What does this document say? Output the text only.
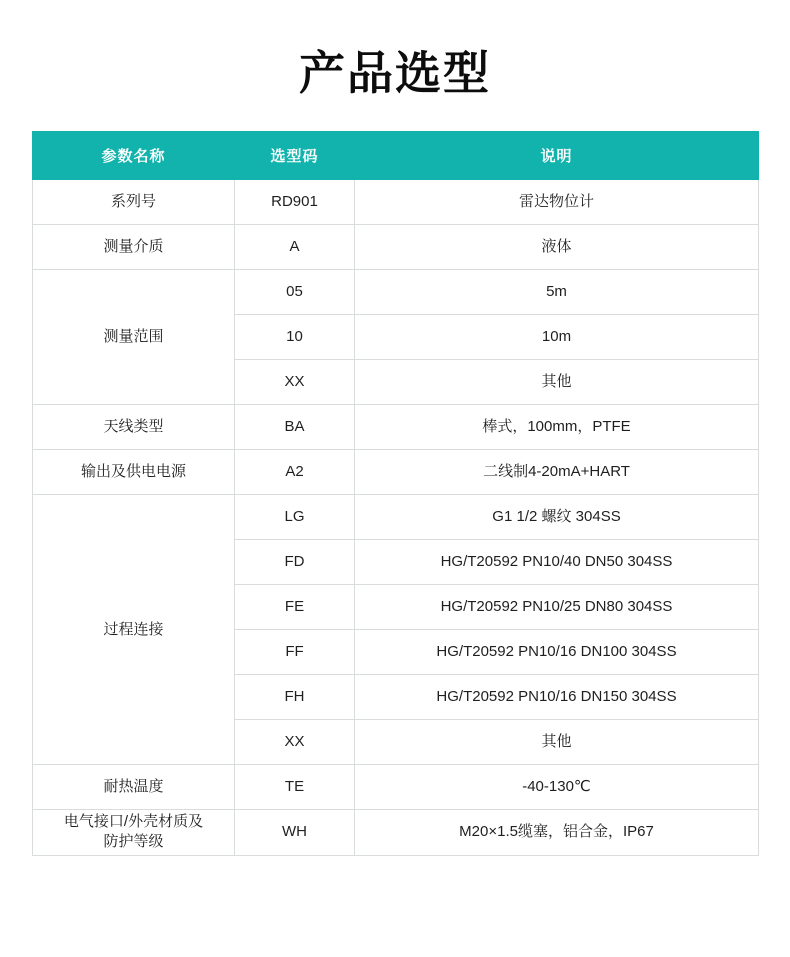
产品选型
参数名称	选型码	说明
系列号	RD901	雷达物位计
测量介质	A	液体
测量范围	05	5m
	10	10m
	XX	其他
天线类型	BA	棒式，100mm，PTFE
输出及供电电源	A2	二线制4-20mA+HART
过程连接	LG	G1 1/2 螺纹 304SS
	FD	HG/T20592 PN10/40 DN50 304SS
	FE	HG/T20592 PN10/25 DN80 304SS
	FF	HG/T20592 PN10/16 DN100 304SS
	FH	HG/T20592 PN10/16 DN150 304SS
	XX	其他
耐热温度	TE	-40-130℃

电气接口/外壳材质及
防护等级	WH	M20×1.5缆塞，铝合金，IP67
